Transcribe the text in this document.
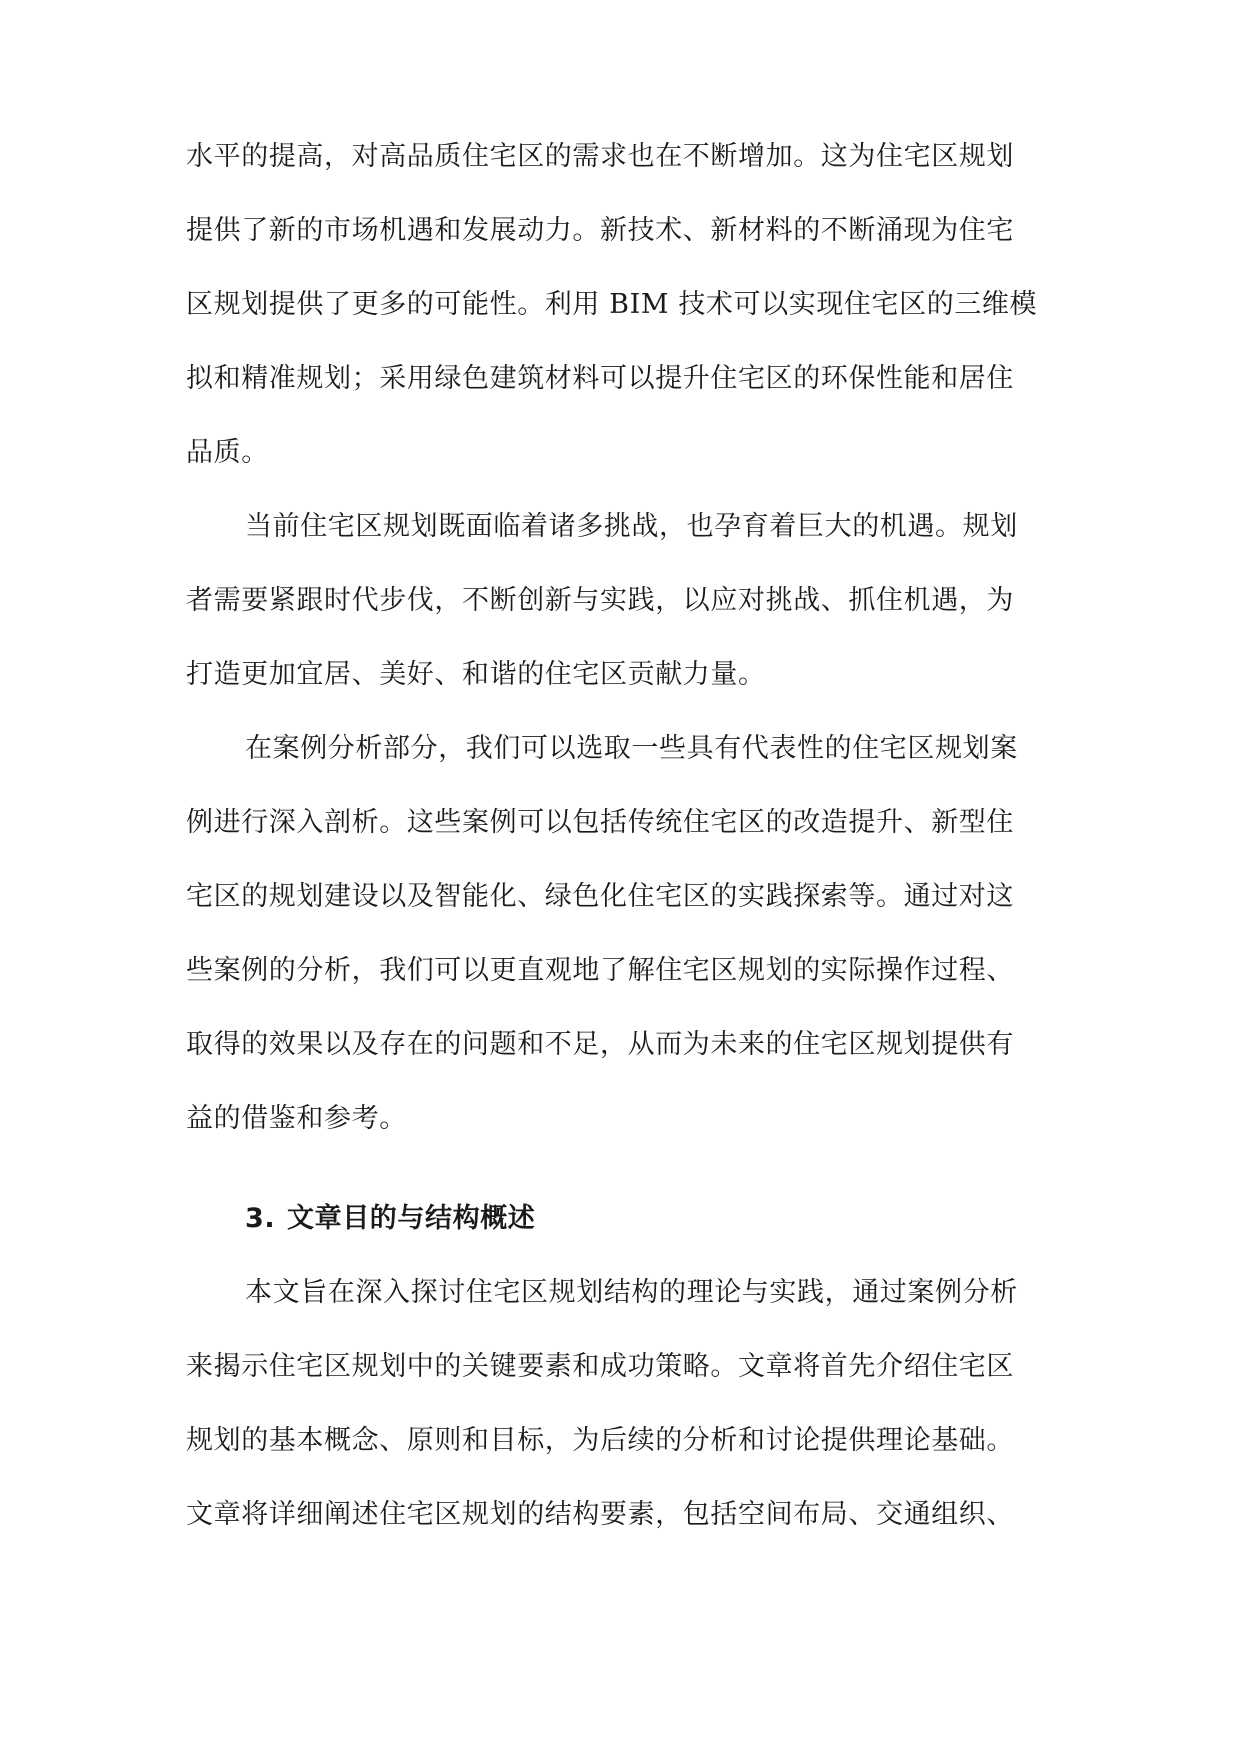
水平的提高，对高品质住宅区的需求也在不断增加。这为住宅区规划
提供了新的市场机遇和发展动力。新技术、新材料的不断涌现为住宅
区规划提供了更多的可能性。利用 BIM 技术可以实现住宅区的三维模
拟和精准规划；采用绿色建筑材料可以提升住宅区的环保性能和居住
品质。
当前住宅区规划既面临着诸多挑战，也孕育着巨大的机遇。规划
者需要紧跟时代步伐，不断创新与实践，以应对挑战、抓住机遇，为
打造更加宜居、美好、和谐的住宅区贡献力量。
在案例分析部分，我们可以选取一些具有代表性的住宅区规划案
例进行深入剖析。这些案例可以包括传统住宅区的改造提升、新型住
宅区的规划建设以及智能化、绿色化住宅区的实践探索等。通过对这
些案例的分析，我们可以更直观地了解住宅区规划的实际操作过程、
取得的效果以及存在的问题和不足，从而为未来的住宅区规划提供有
益的借鉴和参考。
3. 文章目的与结构概述
本文旨在深入探讨住宅区规划结构的理论与实践，通过案例分析
来揭示住宅区规划中的关键要素和成功策略。文章将首先介绍住宅区
规划的基本概念、原则和目标，为后续的分析和讨论提供理论基础。
文章将详细阐述住宅区规划的结构要素，包括空间布局、交通组织、
